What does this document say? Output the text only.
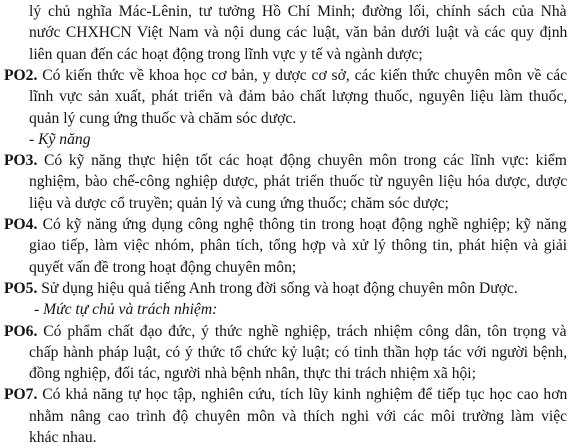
lý chủ nghĩa Mác-Lênin, tư tưởng Hồ Chí Minh; đường lối, chính sách của Nhà
nước CHXHCN Việt Nam và nội dung các luật, văn bản dưới luật và các quy định
liên quan đến các hoạt động trong lĩnh vực y tế và ngành dược;
PO2. Có kiến thức về khoa học cơ bản, y dược cơ sở, các kiến thức chuyên môn về các
lĩnh vực sản xuất, phát triển và đảm bảo chất lượng thuốc, nguyên liệu làm thuốc,
quản lý cung ứng thuốc và chăm sóc dược.
- Kỹ năng
PO3. Có kỹ năng thực hiện tốt các hoạt động chuyên môn trong các lĩnh vực: kiểm
nghiệm, bào chế-công nghiệp dược, phát triển thuốc từ nguyên liệu hóa dược, dược
liệu và dược cổ truyền; quản lý và cung ứng thuốc; chăm sóc dược;
PO4. Có kỹ năng ứng dụng công nghệ thông tin trong hoạt động nghề nghiệp; kỹ năng
giao tiếp, làm việc nhóm, phân tích, tổng hợp và xử lý thông tin, phát hiện và giải
quyết vấn đề trong hoạt động chuyên môn;
PO5. Sử dụng hiệu quả tiếng Anh trong đời sống và hoạt động chuyên môn Dược.
- Mức tự chủ và trách nhiệm:
PO6. Có phẩm chất đạo đức, ý thức nghề nghiệp, trách nhiệm công dân, tôn trọng và
chấp hành pháp luật, có ý thức tổ chức kỷ luật; có tinh thần hợp tác với người bệnh,
đồng nghiệp, đối tác, người nhà bệnh nhân, thực thi trách nhiệm xã hội;
PO7. Có khả năng tự học tập, nghiên cứu, tích lũy kinh nghiệm để tiếp tục học cao hơn
nhằm nâng cao trình độ chuyên môn và thích nghi với các môi trường làm việc
khác nhau.
